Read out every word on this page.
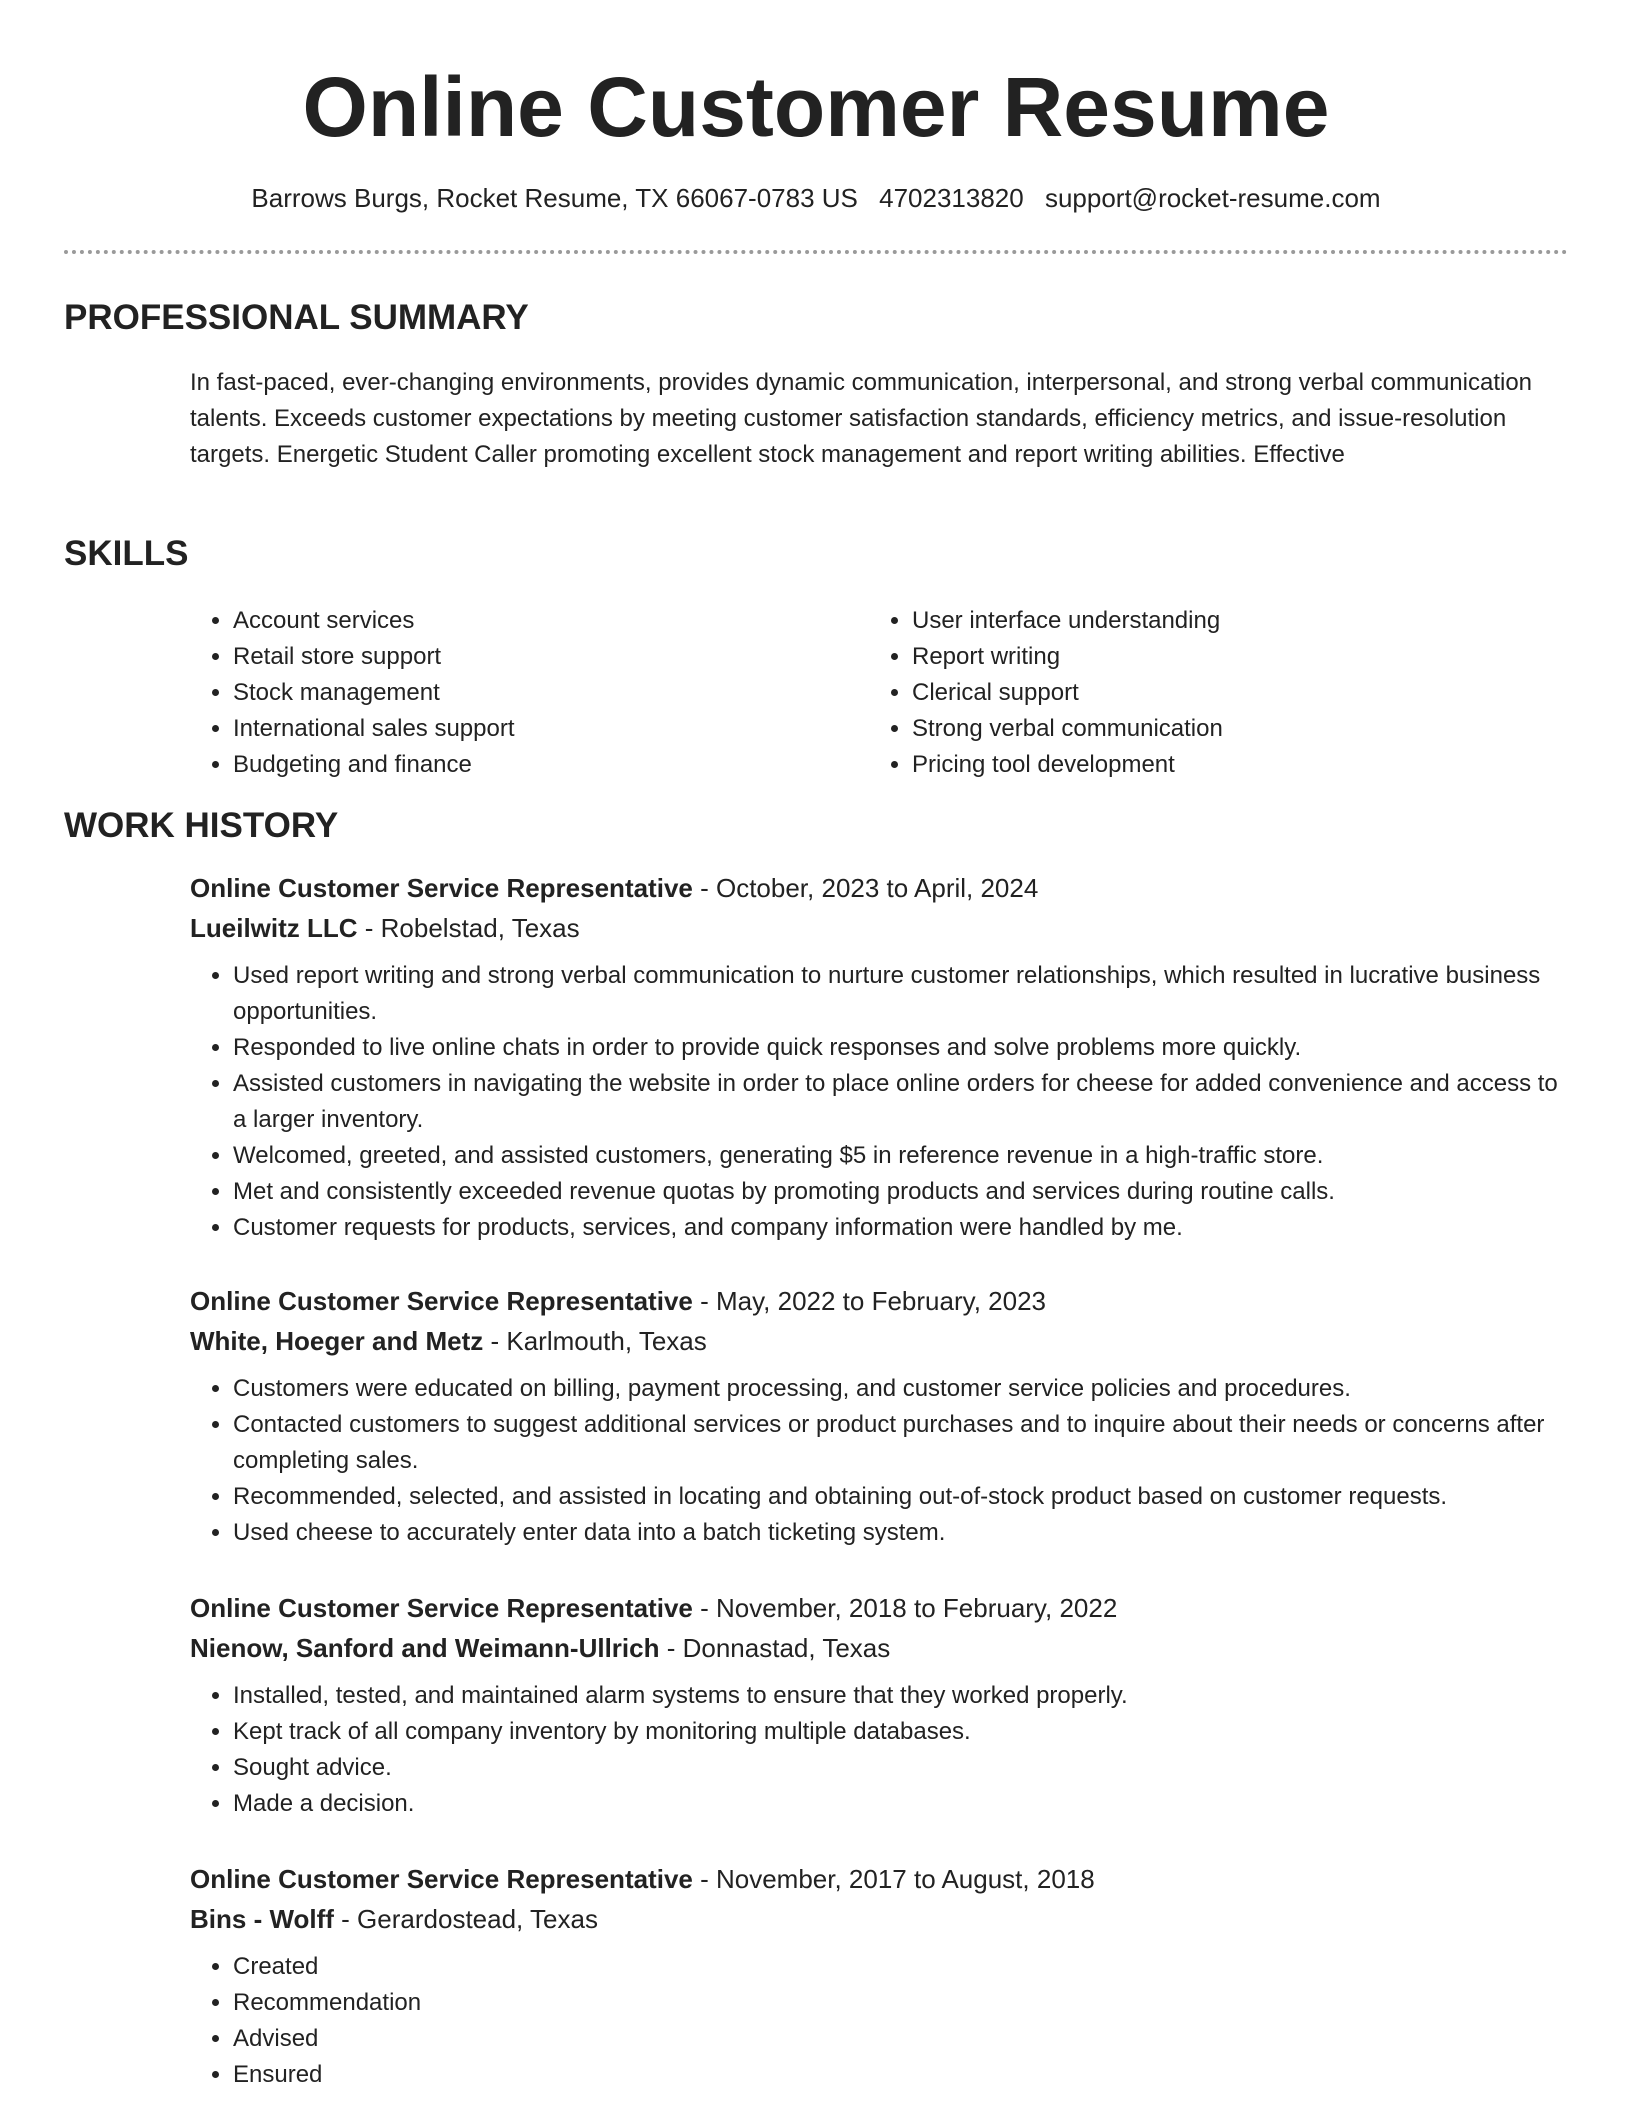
Online Customer Resume
Barrows Burgs, Rocket Resume, TX 66067-0783 US 4702313820 support@rocket-resume.com
PROFESSIONAL SUMMARY

In fast-paced, ever-changing environments, provides dynamic communication, interpersonal, and strong verbal communication talents. Exceeds customer expectations by meeting customer satisfaction standards, efficiency metrics, and issue-resolution targets. Energetic Student Caller promoting excellent stock management and report writing abilities. Effective

SKILLS
• Account services
• Retail store support
• Stock management
• International sales support
• Budgeting and finance
• User interface understanding
• Report writing
• Clerical support
• Strong verbal communication
• Pricing tool development
WORK HISTORY
Online Customer Service Representative - October, 2023 to April, 2024
Lueilwitz LLC - Robelstad, Texas
• Used report writing and strong verbal communication to nurture customer relationships, which resulted in lucrative business opportunities.
• Responded to live online chats in order to provide quick responses and solve problems more quickly.
• Assisted customers in navigating the website in order to place online orders for cheese for added convenience and access to a larger inventory.
• Welcomed, greeted, and assisted customers, generating $5 in reference revenue in a high-traffic store.
• Met and consistently exceeded revenue quotas by promoting products and services during routine calls.
• Customer requests for products, services, and company information were handled by me.
Online Customer Service Representative - May, 2022 to February, 2023
White, Hoeger and Metz - Karlmouth, Texas
• Customers were educated on billing, payment processing, and customer service policies and procedures.
• Contacted customers to suggest additional services or product purchases and to inquire about their needs or concerns after completing sales.
• Recommended, selected, and assisted in locating and obtaining out-of-stock product based on customer requests.
• Used cheese to accurately enter data into a batch ticketing system.
Online Customer Service Representative - November, 2018 to February, 2022
Nienow, Sanford and Weimann-Ullrich - Donnastad, Texas
• Installed, tested, and maintained alarm systems to ensure that they worked properly.
• Kept track of all company inventory by monitoring multiple databases.
• Sought advice.
• Made a decision.
Online Customer Service Representative - November, 2017 to August, 2018
Bins - Wolff - Gerardostead, Texas
• Created
• Recommendation
• Advised
• Ensured
